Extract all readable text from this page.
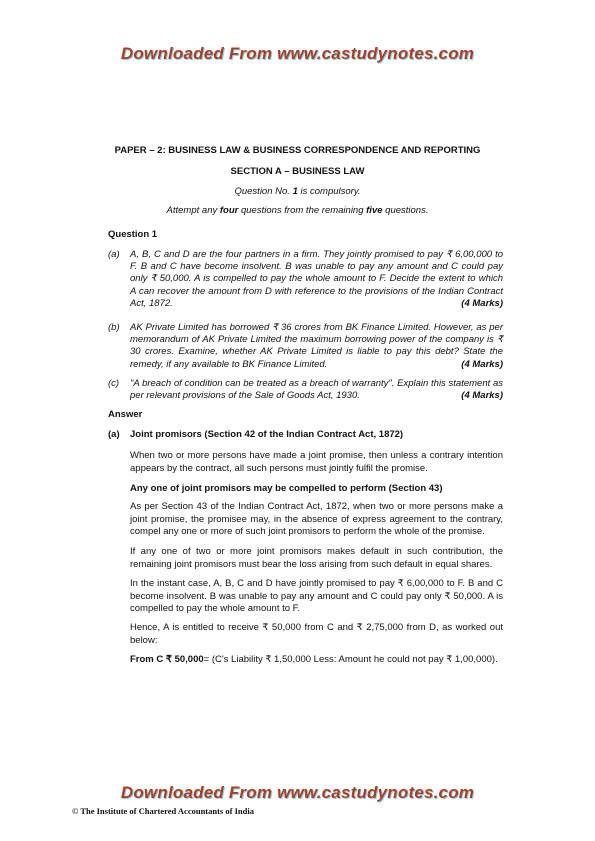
Downloaded From www.castudynotes.com
PAPER – 2: BUSINESS LAW & BUSINESS CORRESPONDENCE AND REPORTING
SECTION A – BUSINESS LAW
Question No. 1 is compulsory.
Attempt any four questions from the remaining five questions.
Question 1
(a) A, B, C and D are the four partners in a firm. They jointly promised to pay ₹ 6,00,000 to F. B and C have become insolvent. B was unable to pay any amount and C could pay only ₹ 50,000. A is compelled to pay the whole amount to F. Decide the extent to which A can recover the amount from D with reference to the provisions of the Indian Contract Act, 1872.	(4 Marks)
(b) AK Private Limited has borrowed ₹ 36 crores from BK Finance Limited. However, as per memorandum of AK Private Limited the maximum borrowing power of the company is ₹ 30 crores. Examine, whether AK Private Limited is liable to pay this debt? State the remedy, if any available to BK Finance Limited.	(4 Marks)
(c) "A breach of condition can be treated as a breach of warranty". Explain this statement as per relevant provisions of the Sale of Goods Act, 1930.	(4 Marks)
Answer
(a) Joint promisors (Section 42 of the Indian Contract Act, 1872)
When two or more persons have made a joint promise, then unless a contrary intention appears by the contract, all such persons must jointly fulfil the promise.
Any one of joint promisors may be compelled to perform (Section 43)
As per Section 43 of the Indian Contract Act, 1872, when two or more persons make a joint promise, the promisee may, in the absence of express agreement to the contrary, compel any one or more of such joint promisors to perform the whole of the promise.
If any one of two or more joint promisors makes default in such contribution, the remaining joint promisors must bear the loss arising from such default in equal shares.
In the instant case, A, B, C and D have jointly promised to pay ₹ 6,00,000 to F. B and C become insolvent. B was unable to pay any amount and C could pay only ₹ 50,000. A is compelled to pay the whole amount to F.
Hence, A is entitled to receive ₹ 50,000 from C and ₹ 2,75,000 from D, as worked out below:
From C ₹ 50,000= (C's Liability ₹ 1,50,000 Less: Amount he could not pay ₹ 1,00,000).
Downloaded From www.castudynotes.com
© The Institute of Chartered Accountants of India
